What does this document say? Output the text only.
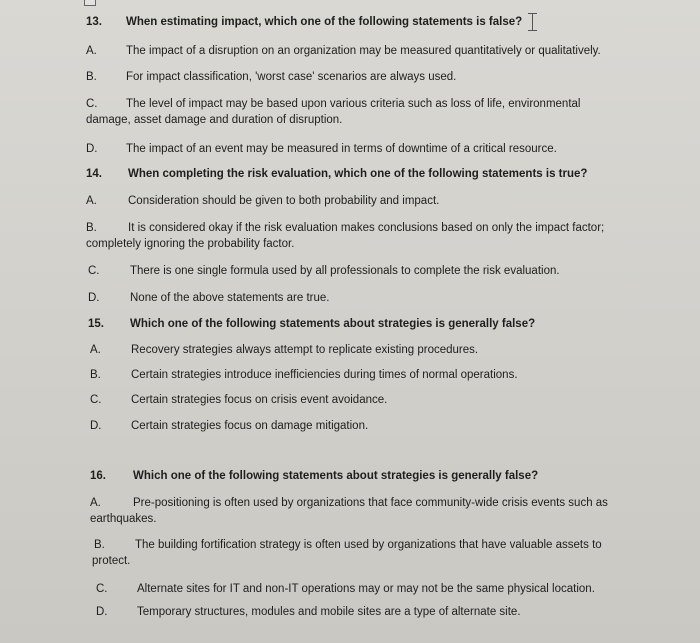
13. When estimating impact, which one of the following statements is false?
A.	The impact of a disruption on an organization may be measured quantitatively or qualitatively.
B.	For impact classification, 'worst case' scenarios are always used.
C. The level of impact may be based upon various criteria such as loss of life, environmental
damage, asset damage and duration of disruption.
D. The impact of an event may be measured in terms of downtime of a critical resource.
14. When completing the risk evaluation, which one of the following statements is true?
A.	Consideration should be given to both probability and impact.
B.	It is considered okay if the risk evaluation makes conclusions based on only the impact factor;
completely ignoring the probability factor.
C.	There is one single formula used by all professionals to complete the risk evaluation.
D.	None of the above statements are true.
15. Which one of the following statements about strategies is generally false?
A.	Recovery strategies always attempt to replicate existing procedures.
B.	Certain strategies introduce inefficiencies during times of normal operations.
C.	Certain strategies focus on crisis event avoidance.
D.	Certain strategies focus on damage mitigation.
16. Which one of the following statements about strategies is generally false?
A.	Pre-positioning is often used by organizations that face community-wide crisis events such as
earthquakes.
B.	The building fortification strategy is often used by organizations that have valuable assets to
protect.
C.	Alternate sites for IT and non-IT operations may or may not be the same physical location.
D.	Temporary structures, modules and mobile sites are a type of alternate site.
